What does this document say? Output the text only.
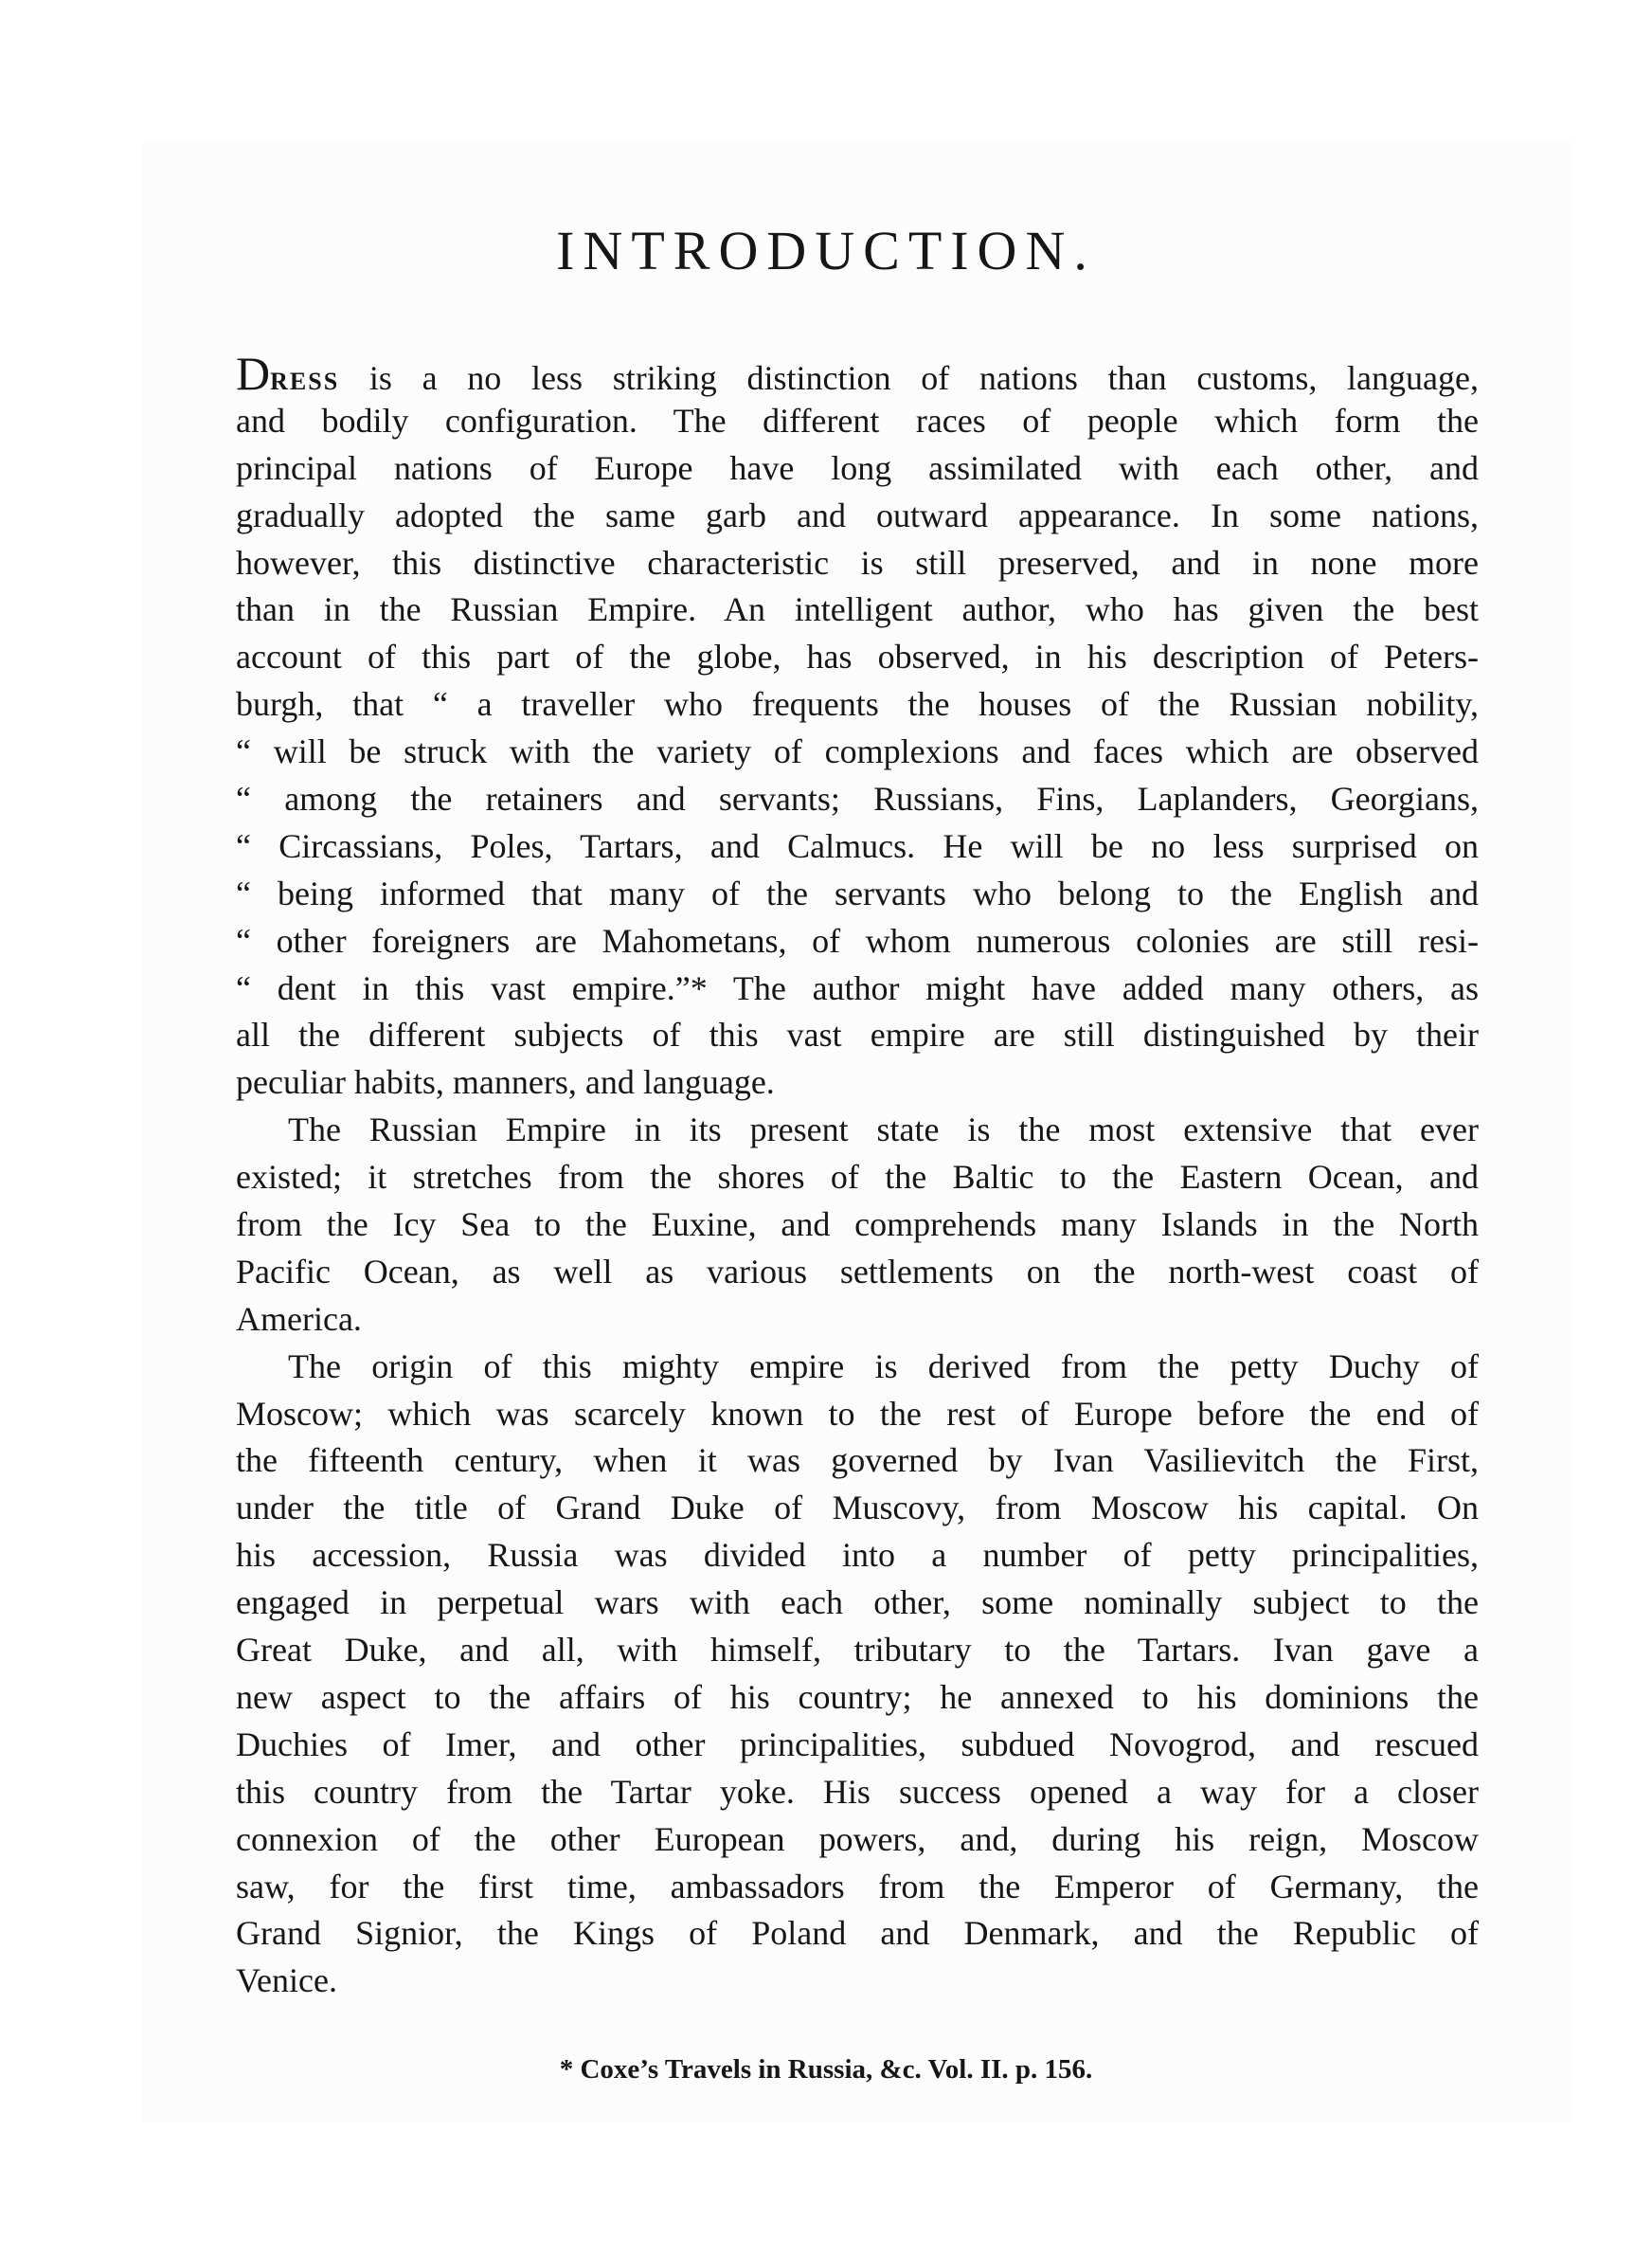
INTRODUCTION.
DRESS is a no less striking distinction of nations than customs, language,
and bodily configuration. The different races of people which form the
principal nations of Europe have long assimilated with each other, and
gradually adopted the same garb and outward appearance. In some nations,
however, this distinctive characteristic is still preserved, and in none more
than in the Russian Empire. An intelligent author, who has given the best
account of this part of the globe, has observed, in his description of Peters-
burgh, that “ a traveller who frequents the houses of the Russian nobility,
“ will be struck with the variety of complexions and faces which are observed
“ among the retainers and servants; Russians, Fins, Laplanders, Georgians,
“ Circassians, Poles, Tartars, and Calmucs. He will be no less surprised on
“ being informed that many of the servants who belong to the English and
“ other foreigners are Mahometans, of whom numerous colonies are still resi-
“ dent in this vast empire.”* The author might have added many others, as
all the different subjects of this vast empire are still distinguished by their
peculiar habits, manners, and language.
The Russian Empire in its present state is the most extensive that ever
existed; it stretches from the shores of the Baltic to the Eastern Ocean, and
from the Icy Sea to the Euxine, and comprehends many Islands in the North
Pacific Ocean, as well as various settlements on the north-west coast of
America.
The origin of this mighty empire is derived from the petty Duchy of
Moscow; which was scarcely known to the rest of Europe before the end of
the fifteenth century, when it was governed by Ivan Vasilievitch the First,
under the title of Grand Duke of Muscovy, from Moscow his capital. On
his accession, Russia was divided into a number of petty principalities,
engaged in perpetual wars with each other, some nominally subject to the
Great Duke, and all, with himself, tributary to the Tartars. Ivan gave a
new aspect to the affairs of his country; he annexed to his dominions the
Duchies of Imer, and other principalities, subdued Novogrod, and rescued
this country from the Tartar yoke. His success opened a way for a closer
connexion of the other European powers, and, during his reign, Moscow
saw, for the first time, ambassadors from the Emperor of Germany, the
Grand Signior, the Kings of Poland and Denmark, and the Republic of
Venice.
* Coxe’s Travels in Russia, &c. Vol. II. p. 156.
